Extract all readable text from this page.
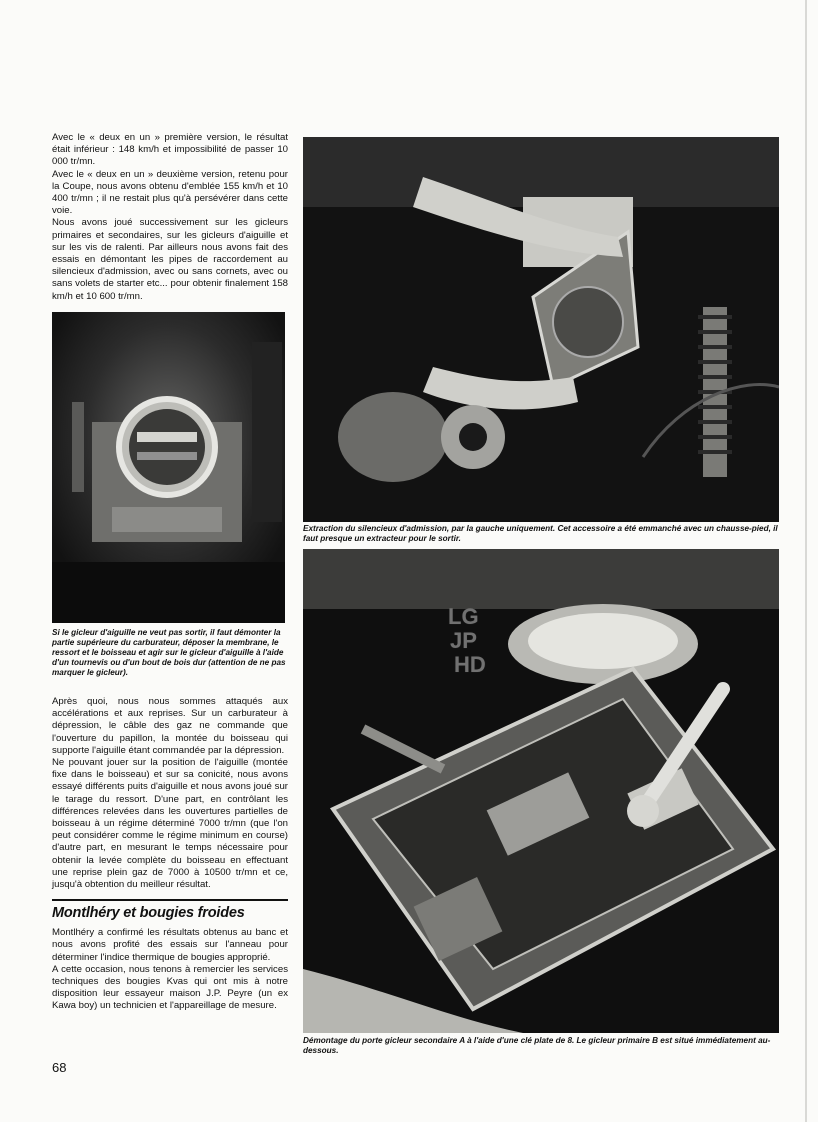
Avec le « deux en un » première version, le résultat était inférieur : 148 km/h et impossibilité de passer 10 000 tr/mn.
Avec le « deux en un » deuxième version, retenu pour la Coupe, nous avons obtenu d'emblée 155 km/h et 10 400 tr/mn ; il ne restait plus qu'à persévérer dans cette voie.
Nous avons joué successivement sur les gicleurs primaires et secondaires, sur les gicleurs d'aiguille et sur les vis de ralenti. Par ailleurs nous avons fait des essais en démontant les pipes de raccordement au silencieux d'admission, avec ou sans cornets, avec ou sans volets de starter etc... pour obtenir finalement 158 km/h et 10 600 tr/mn.

Si le gicleur d'aiguille ne veut pas sortir, il faut démonter la partie supérieure du carburateur, déposer la membrane, le ressort et le boisseau et agir sur le gicleur d'aiguille à l'aide d'un tournevis ou d'un bout de bois dur (attention de ne pas marquer le gicleur).

Après quoi, nous nous sommes attaqués aux accélérations et aux reprises. Sur un carburateur à dépression, le câble des gaz ne commande que l'ouverture du papillon, la montée du boisseau qui supporte l'aiguille étant commandée par la dépression.
Ne pouvant jouer sur la position de l'aiguille (montée fixe dans le boisseau) et sur sa conicité, nous avons essayé différents puits d'aiguille et nous avons joué sur le tarage du ressort. D'une part, en contrôlant les différences relevées dans les ouvertures partielles de boisseau à un régime déterminé 7000 tr/mn (que l'on peut considérer comme le régime minimum en course) d'autre part, en mesurant le temps nécessaire pour obtenir la levée complète du boisseau en effectuant une reprise plein gaz de 7000 à 10500 tr/mn et ce, jusqu'à obtention du meilleur résultat.

Montlhéry et bougies froides

Montlhéry a confirmé les résultats obtenus au banc et nous avons profité des essais sur l'anneau pour déterminer l'indice thermique de bougies approprié.
A cette occasion, nous tenons à remercier les services techniques des bougies Kvas qui ont mis à notre disposition leur essayeur maison J.P. Peyre (un ex Kawa boy) un technicien et l'appareillage de mesure.

Extraction du silencieux d'admission, par la gauche uniquement. Cet accessoire a été emmanché avec un chausse-pied, il faut presque un extracteur pour le sortir.

Démontage du porte gicleur secondaire A à l'aide d'une clé plate de 8. Le gicleur primaire B est situé immédiatement au-dessous.

LG
JP
HD
68
